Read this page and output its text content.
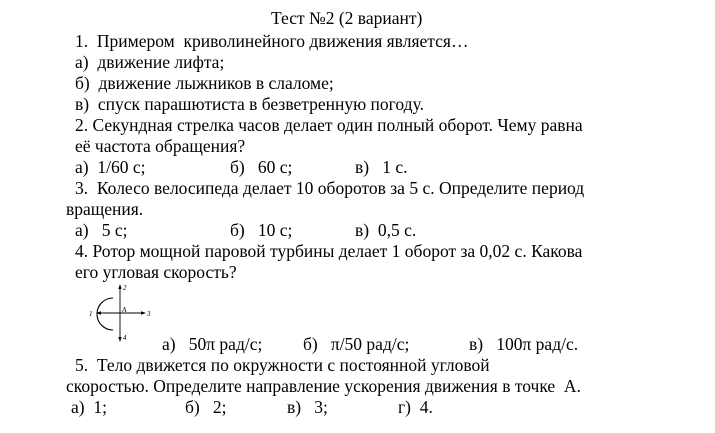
Тест №2 (2 вариант)
1.  Примером  криволинейного движения является…
а)  движение лифта;
б)  движение лыжников в слаломе;
в)  спуск парашютиста в безветренную погоду.
2. Секундная стрелка часов делает один полный оборот. Чему равна
её частота обращения?
а)  1/60 с;	б)   60 с;	в)   1 с.
3.  Колесо велосипеда делает 10 оборотов за 5 с. Определите период
вращения.
а)   5 с;	б)   10 с;	в)  0,5 с.
4. Ротор мощной паровой турбины делает 1 оборот за 0,02 с. Какова
его угловая скорость?
2
1	3
4
A
а)   50π рад/с; б)   π/50 рад/с;	в)   100π рад/с.
5.  Тело движется по окружности с постоянной угловой
скоростью. Определите направление ускорения движения в точке  А.
а)  1;	б)   2;	в)   3;	г)  4.
